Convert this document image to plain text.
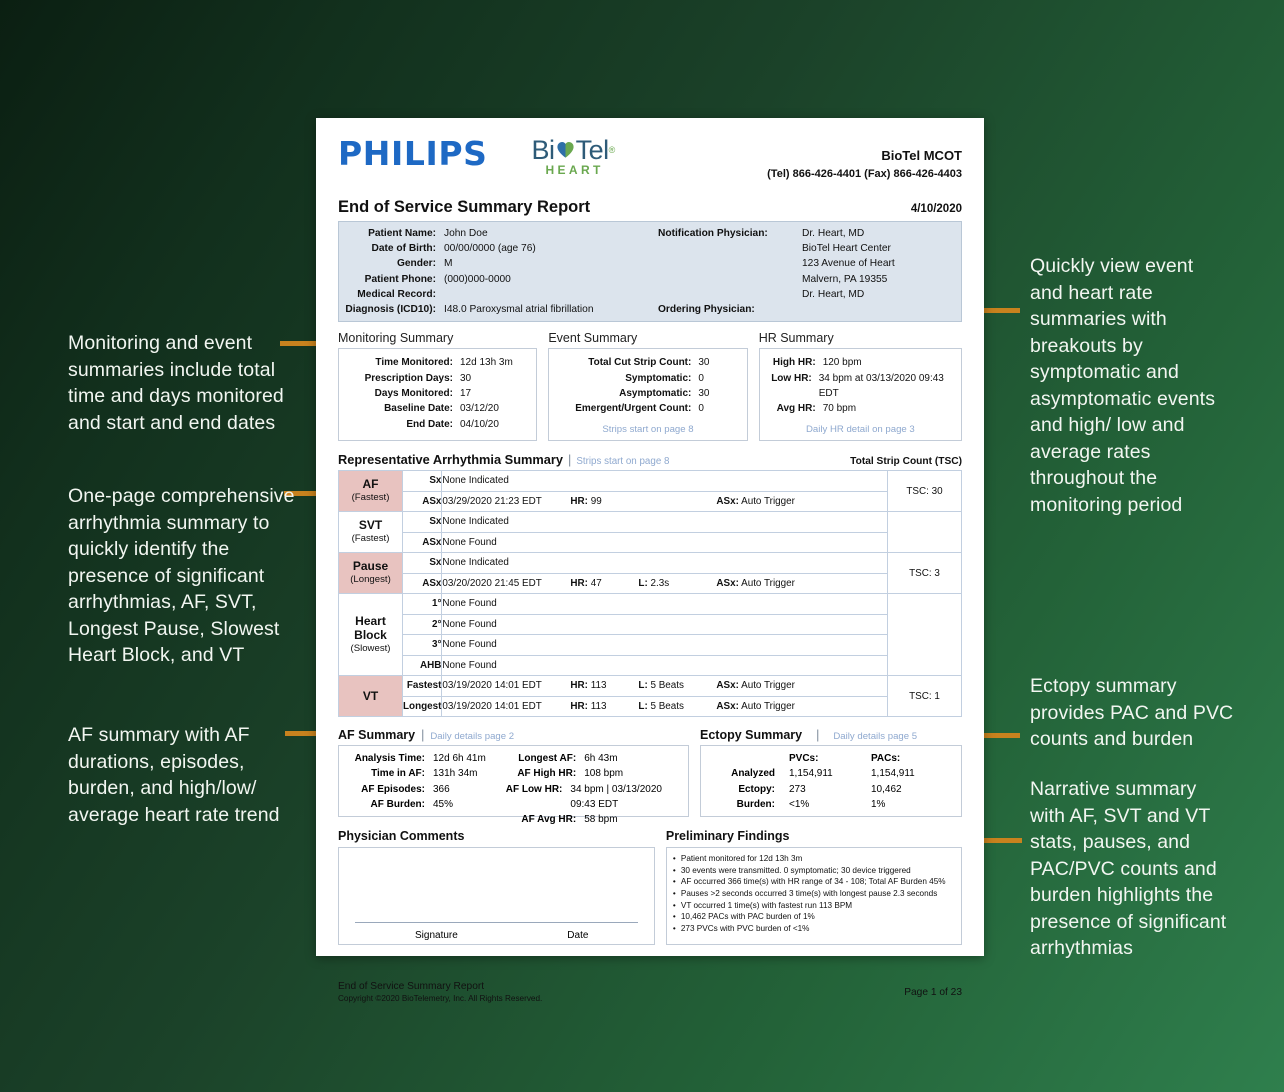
Monitoring and event summaries include total time and days monitored and start and end dates
One-page comprehensive arrhythmia summary to quickly identify the presence of significant arrhythmias, AF, SVT, Longest Pause, Slowest Heart Block, and VT
AF summary with AF durations, episodes, burden, and high/low/ average heart rate trend
Quickly view event and heart rate summaries with breakouts by symptomatic and asymptomatic events and high/ low and average rates throughout the monitoring period
Ectopy summary provides PAC and PVC counts and burden
Narrative summary with AF, SVT and VT stats, pauses, and PAC/PVC counts and burden highlights the presence of significant arrhythmias
PHILIPS Bi Tel ®
HEART
BioTel MCOT
(Tel) 866-426-4401 (Fax) 866-426-4403
End of Service Summary Report	4/10/2020
Patient Name: John Doe
Date of Birth: 00/00/0000 (age 76)
Gender: M
Patient Phone: (000)000-0000
Medical Record:
Diagnosis (ICD10): I48.0 Paroxysmal atrial fibrillation
Notification Physician:	Dr. Heart, MD
BioTel Heart Center
123 Avenue of Heart
Malvern, PA 19355
Dr. Heart, MD
Ordering Physician:
Monitoring Summary
Time Monitored: 12d 13h 3m
Prescription Days: 30
Days Monitored: 17
Baseline Date: 03/12/20
End Date: 04/10/20
Event Summary
Total Cut Strip Count: 30
Symptomatic: 0
Asymptomatic: 30
Emergent/Urgent Count: 0
Strips start on page 8
HR Summary
High HR: 120 bpm
Low HR: 34 bpm at 03/13/2020 09:43 EDT
Avg HR: 70 bpm
Daily HR detail on page 3
Representative Arrhythmia Summary | Strips start on page 8	Total Strip Count (TSC)
AF
(Fastest)	Sx	None Indicated	TSC: 30
	ASx	03/29/2020 21:23 EDT HR: 99 ASx: Auto Trigger	
SVT
(Fastest)	Sx	None Indicated	
	ASx	None Found	
Pause
(Longest)	Sx	None Indicated	TSC: 3
	ASx	03/20/2020 21:45 EDT HR: 47 L: 2.3s ASx: Auto Trigger	
Heart Block
(Slowest)	1°	None Found	
	2°	None Found	
	3°	None Found	
	AHB	None Found	
VT	Fastest	03/19/2020 14:01 EDT HR: 113 L: 5 Beats ASx: Auto Trigger	TSC: 1
	Longest	03/19/2020 14:01 EDT HR: 113 L: 5 Beats ASx: Auto Trigger	
AF Summary | Daily details page 2
Analysis Time: 12d 6h 41m
Time in AF: 131h 34m
AF Episodes: 366
AF Burden: 45%
Longest AF: 6h 43m
AF High HR: 108 bpm
AF Low HR: 34 bpm | 03/13/2020 09:43 EDT
AF Avg HR: 58 bpm
Ectopy Summary | Daily details page 5
PVCs:	PACs:
Analyzed	1,154,911	1,154,911
Ectopy:	273	10,462
Burden:	<1%	1%
Physician Comments
Signature	Date
Preliminary Findings
• Patient monitored for 12d 13h 3m
• 30 events were transmitted. 0 symptomatic; 30 device triggered
• AF occurred 366 time(s) with HR range of 34 - 108; Total AF Burden 45%
• Pauses >2 seconds occurred 3 time(s) with longest pause 2.3 seconds
• VT occurred 1 time(s) with fastest run 113 BPM
• 10,462 PACs with PAC burden of 1%
• 273 PVCs with PVC burden of <1%
End of Service Summary Report
Copyright ©2020 BioTelemetry, Inc. All Rights Reserved.
Page 1 of 23
